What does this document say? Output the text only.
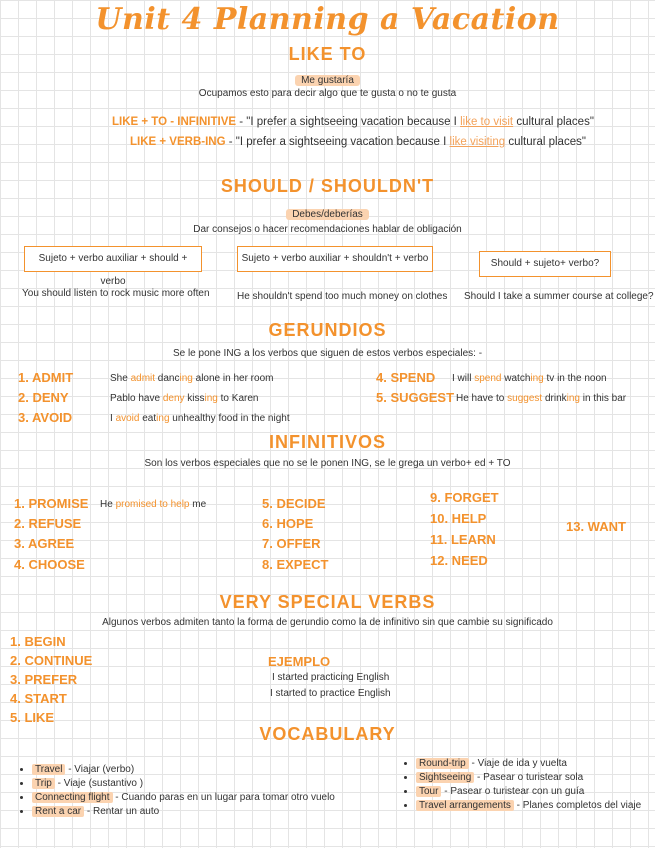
Unit 4 Planning a Vacation
LIKE TO
Me gustaría
Ocupamos esto para decir algo que te gusta o no te gusta
LIKE + TO - INFINITIVE - "I prefer a sightseeing vacation because I like to visit cultural places"
LIKE + VERB-ING - "I prefer a sightseeing vacation because I like visiting cultural places"
SHOULD / SHOULDN'T
Debes/deberías
Dar consejos o hacer recomendaciones hablar de obligación
Sujeto + verbo auxiliar + should + verbo
Sujeto + verbo auxiliar + shouldn't + verbo	Should + sujeto+ verbo?
You should listen to rock music more often	He shouldn't spend too much money on clothes Should I take a summer course at college?
GERUNDIOS
Se le pone ING a los verbos que siguen de estos verbos especiales: -
1. ADMIT
2. DENY
3. AVOID
4. SPEND
5. SUGGEST
She admit dancing alone in her room
Pablo have deny kissing to Karen
I avoid eating unhealthy food in the night
I will spend watching tv in the noon
He have to suggest drinking in this bar
INFINITIVOS
Son los verbos especiales que no se le ponen ING, se le grega un verbo+ ed + TO
1. PROMISE He promised to help me
2. REFUSE
3. AGREE
4. CHOOSE
5. DECIDE
6. HOPE
7. OFFER
8. EXPECT
9. FORGET
10. HELP
11. LEARN
12. NEED
13. WANT
VERY SPECIAL VERBS
Algunos verbos admiten tanto la forma de gerundio como la de infinitivo sin que cambie su significado
1. BEGIN
2. CONTINUE
3. PREFER
4. START
5. LIKE
EJEMPLO
I started practicing English
I started to practice English
VOCABULARY
• Travel - Viajar (verbo)
• Trip - Viaje (sustantivo )
• Connecting flight - Cuando paras en un lugar para tomar otro vuelo
• Rent a car - Rentar un auto
• Round-trip - Viaje de ida y vuelta
• Sightseeing - Pasear o turistear sola
• Tour - Pasear o turistear con un guía
• Travel arrangements - Planes completos del viaje
